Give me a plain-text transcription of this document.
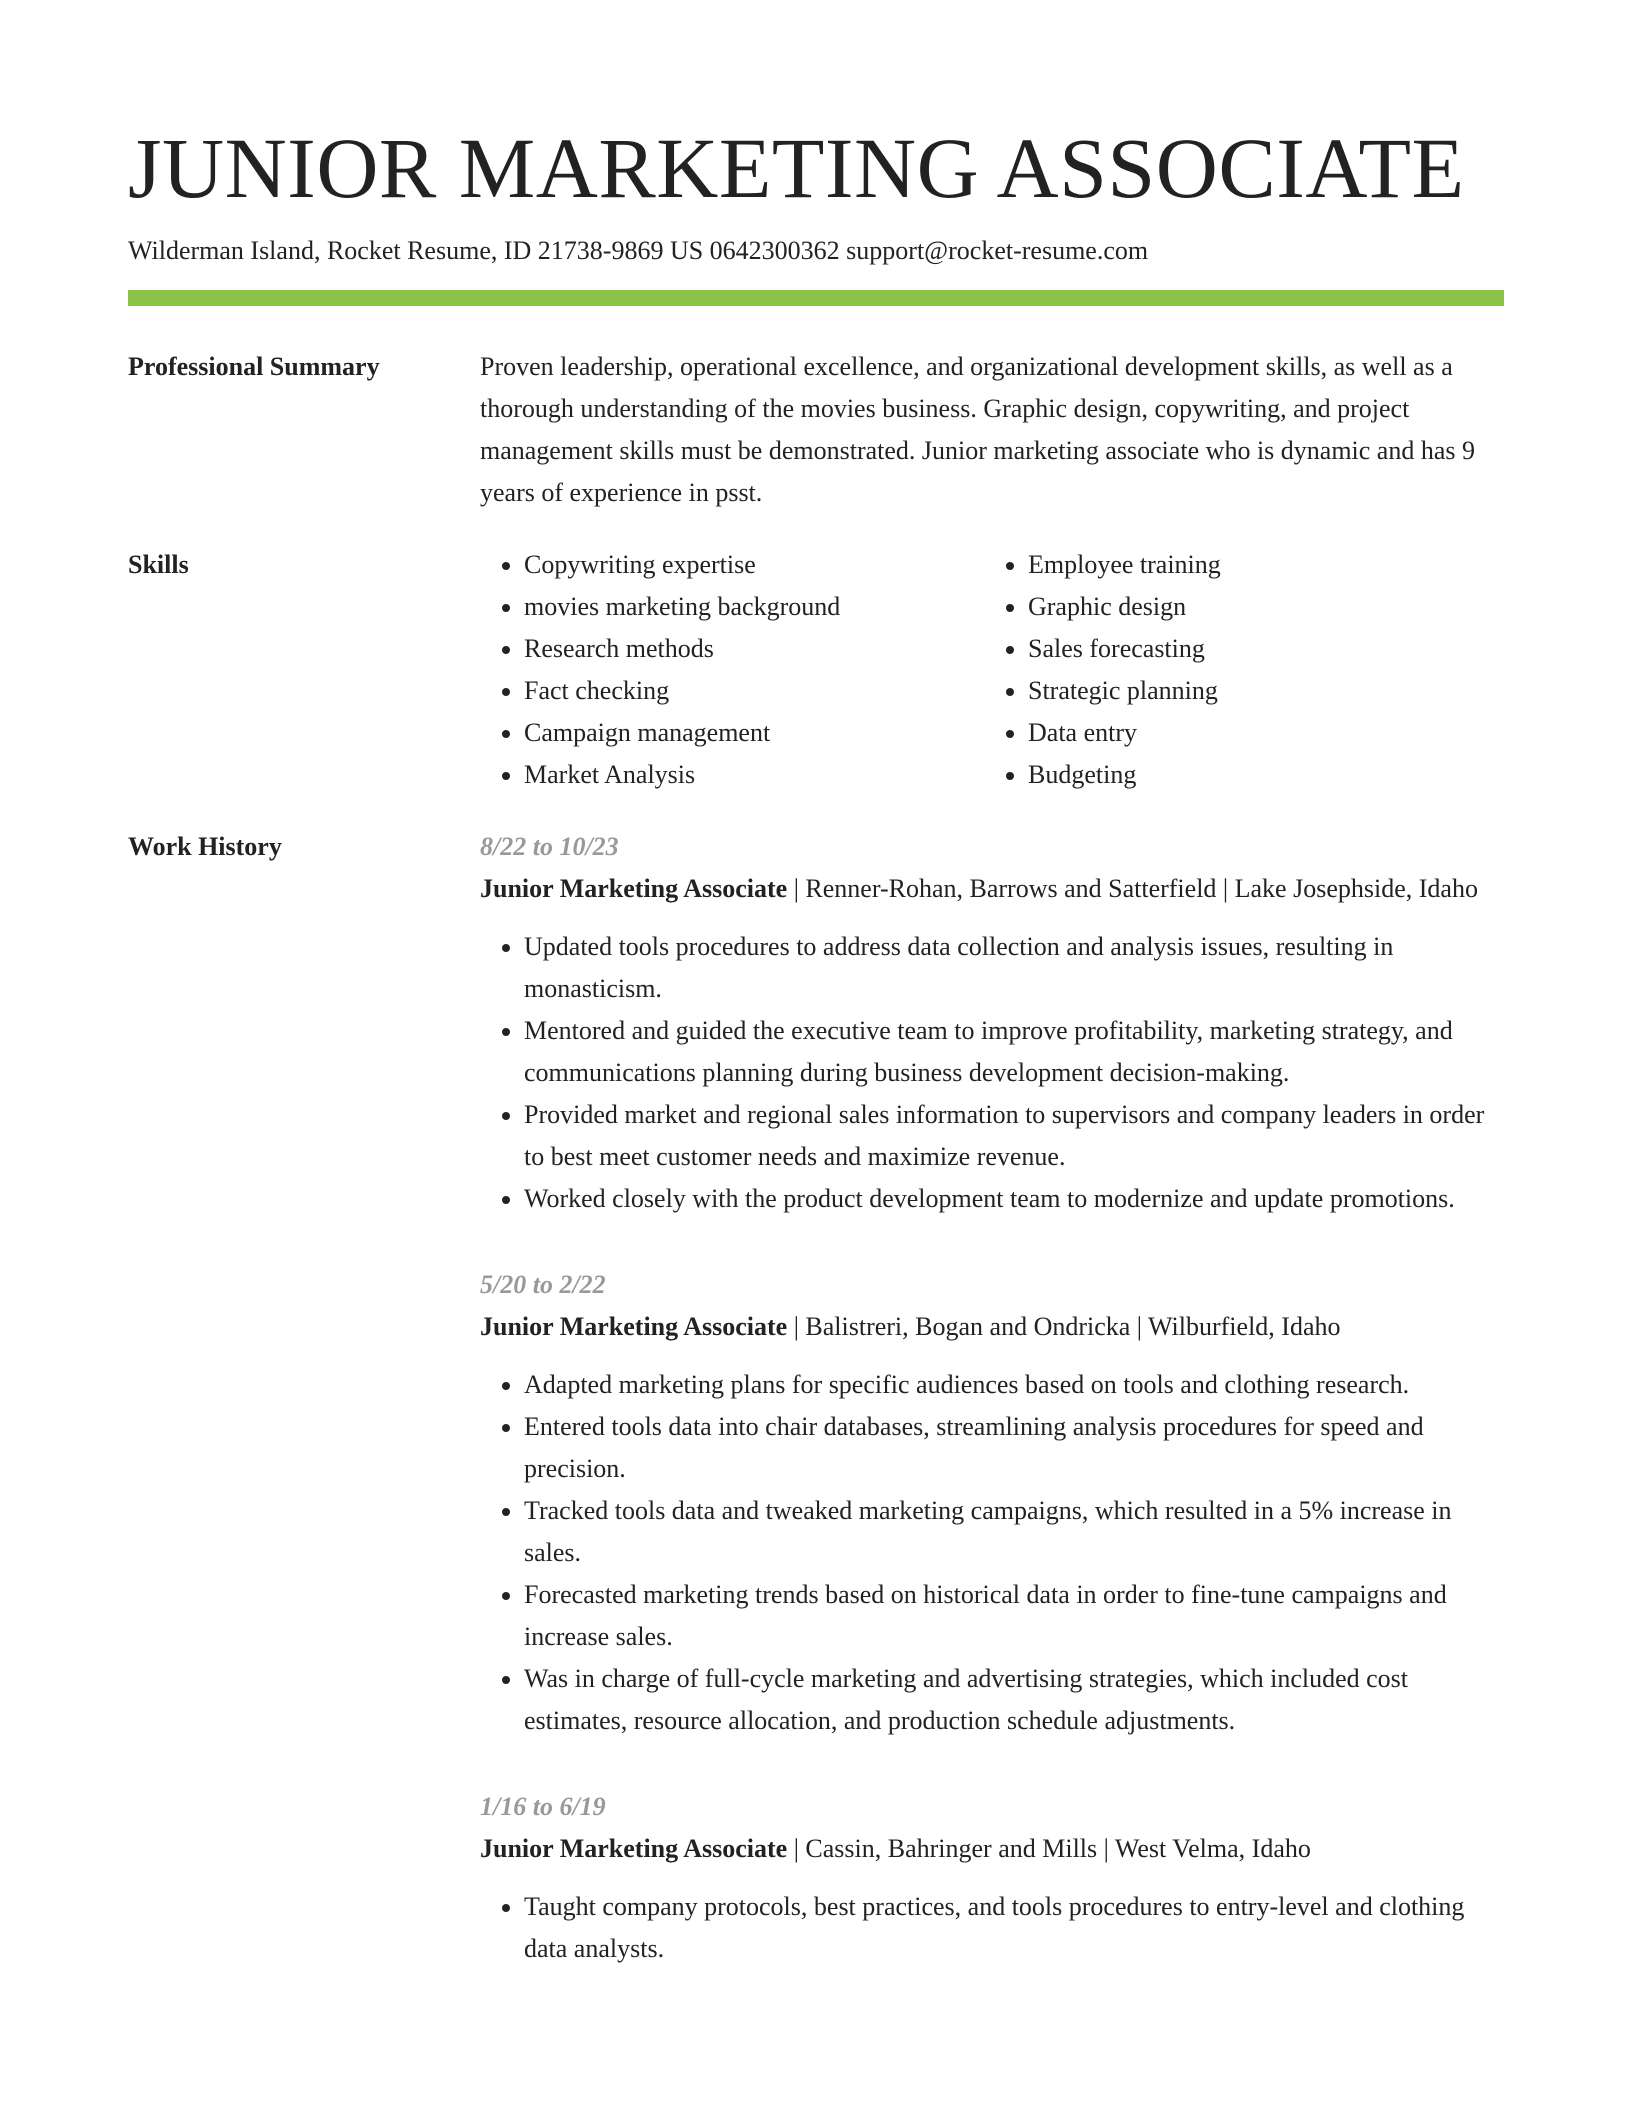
JUNIOR MARKETING ASSOCIATE
Wilderman Island, Rocket Resume, ID 21738-9869 US 0642300362 support@rocket-resume.com
Professional Summary	Proven leadership, operational excellence, and organizational development skills, as well as a thorough understanding of the movies business. Graphic design, copywriting, and project management skills must be demonstrated. Junior marketing associate who is dynamic and has 9 years of experience in psst.

Skills
•	Copywriting expertise
• movies marketing background
• Research methods
• Fact checking
• Campaign management
• Market Analysis
• Employee training
• Graphic design
• Sales forecasting
• Strategic planning
• Data entry
• Budgeting
Work History	8/22 to 10/23
Junior Marketing Associate | Renner-Rohan, Barrows and Satterfield | Lake Josephside, Idaho
• Updated tools procedures to address data collection and analysis issues, resulting in monasticism.
• Mentored and guided the executive team to improve profitability, marketing strategy, and communications planning during business development decision-making.
• Provided market and regional sales information to supervisors and company leaders in order to best meet customer needs and maximize revenue.
• Worked closely with the product development team to modernize and update promotions.
5/20 to 2/22
Junior Marketing Associate | Balistreri, Bogan and Ondricka | Wilburfield, Idaho
• Adapted marketing plans for specific audiences based on tools and clothing research.
• Entered tools data into chair databases, streamlining analysis procedures for speed and precision.
• Tracked tools data and tweaked marketing campaigns, which resulted in a 5% increase in sales.
• Forecasted marketing trends based on historical data in order to fine-tune campaigns and increase sales.
• Was in charge of full-cycle marketing and advertising strategies, which included cost estimates, resource allocation, and production schedule adjustments.
1/16 to 6/19
Junior Marketing Associate | Cassin, Bahringer and Mills | West Velma, Idaho
• Taught company protocols, best practices, and tools procedures to entry-level and clothing data analysts.
